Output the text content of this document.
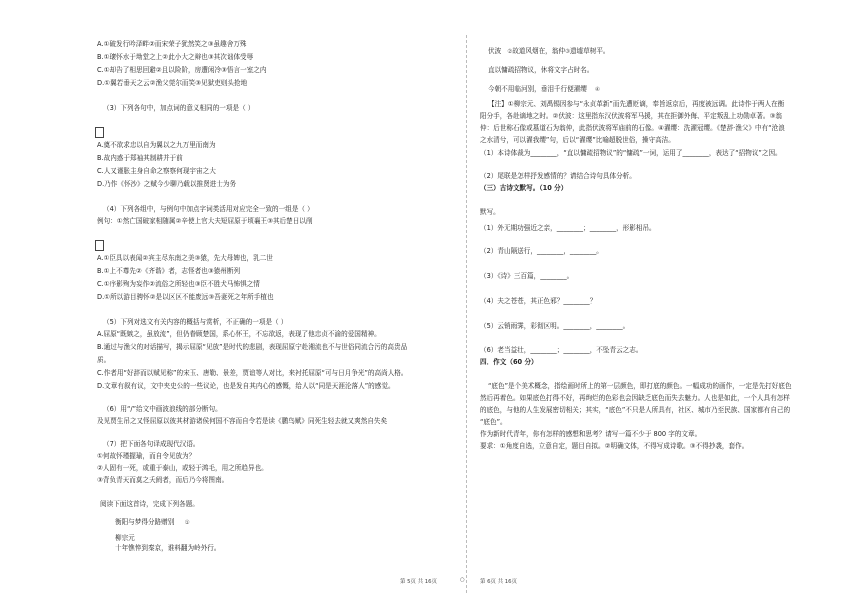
A.①破发行吟泽畔②而宋荣子犹然笑之③虽趣舍万殊
B.①瓌怀水于坳堂之上②此小大之辩也③其次诎体受辱
C.①却告了相思回避②且以险阶，房遭闲冷③悟言一室之内
D.①翼若垂天之云②渔父莞尔而笑③见狱吏则头抢地
（3）下列各句中，加点词的意义相同的一项是（ ）
A.奠不欲求忠以自为翼以之九万里而南为
B.故内惑于郑袖其制耕并于前
C.人又谨胀主身自命之察察何现宇宙之大
D.乃作《怀沙》之赋今少聊乃载以推贤进士为务
（4）下列各组中，与例句中加点字词类活用对应完全一致的一组是（ ）
例句：①然亡国破家相随属②辛使上官大夫短屈原于顷襄王③其后楚日以削
A.①臣具以表闻②宾主尽东南之美③猿，先大母婢也，乳二世
B.①上不尊先②《齐谐》者，志怪者也③猿州断列
C.①序影殉为妄作②流俗之所轻也③臣不胜犬马怖惧之情
D.①所以游目骋怀②是以区区不能废远③吾妻死之年所手植也
（5）下列对选文有关内容的概括与赏析，不正确的一项是（ ）
A.屈原“既嫉之，虽放流”，但仍眷顾楚国，系心怀王，不忘欲返，表现了他忠贞不渝的爱国精神。
B.通过与渔父的对话描写，揭示屈原“见放”是时代的悲剧，表现屈原宁赴湘流也不与世俗同流合污的高贵品
质。
C.作者用“好辞而以赋见称”的宋玉、唐勒、景差，贾谊等人对比，来衬托屈原“可与日月争光”的高尚人格。
D.文章有叙有议，文中夹史公的一些议论，也是发自其内心的感慨，给人以“同是天涯沦落人”的感觉。
（6）用“/”给文中画波浪线的部分断句。
及见贾生吊之又怪屈原以彼其材游诸侯何国不容而自令若是读《鹏鸟赋》同死生轻去就又爽然自失矣
（7）把下面各句译成现代汉语。
①何故怀瑾握瑜，而自令见放为？
②人固有一死，或重于泰山，或轻于鸿毛，用之所趋异也。
③背负青天而莫之夭阏者，而后乃今将图南。
阅读下面这首诗，完成下列各题。
衡阳与梦得分路赠别 ①
柳宗元
十年憔悴到秦京，谁料翻为岭外行。
伏波 ②故道风烟在，翁仲③遗墟草树平。
直以慵疏招物议，休将文字占时名。
今朝不用临河别，垂泪千行便濯缨 ④
【注】①柳宗元、刘禹锡因参与“永贞革新”而先遭贬谪，奉旨返京后，再度被远调。此诗作于两人在衡
阳分手，各赴谪地之时。②伏波：这里指东汉伏波将军马援，其在拒御外侮、平定叛乱上功勋卓著。③翁
仲：后世称石像或墓道石为翁仲，此指伏波将军庙前的石像。④濯缨：洗濯冠缨。《楚辞·渔父》中有“沧浪
之水清兮，可以濯我缨”句，后以“濯缨”比喻超脱世俗，操守高洁。
（1）本诗体裁为________，“直以慵疏招物议”的“慵疏”一词，运用了________，表达了“招物议”之因。
（2）尾联是怎样抒发感情的？请结合诗句具体分析。
（三）古诗文默写。（10 分）
默写。
（1）外无期功强近之亲，________；________，形影相吊。
（2）青山隔送行，________，________。
（3）《诗》三百篇，________。
（4）夫之苍苍，其正色邪？________？
（5）云销雨霁，彩彻区明。________，________。
（6）老当益壮，________；________，不坠青云之志。
四．作文（60 分）
“底色”是个美术概念，指绘画时所上的第一层颜色，即打底的颜色。一幅成功的画作，一定是先打好底色
然后再着色。如果底色打得不好，再绚烂的色彩也会因缺乏底色而失去魅力。人也是如此，一个人具有怎样
的底色，与他的人生发展密切相关；其实，“底色”不只是人所具有，社区、城市乃至民族、国家都有自己的
“底色”。
作为新时代青年，你有怎样的感想和思考？请写一篇不少于 800 字的文章。
要求：①角度自选，立意自定，题目自拟。②明确文体，不得写成诗歌。③不得抄袭，套作。
第 5页 共 16页	○	第 6页 共 16页
